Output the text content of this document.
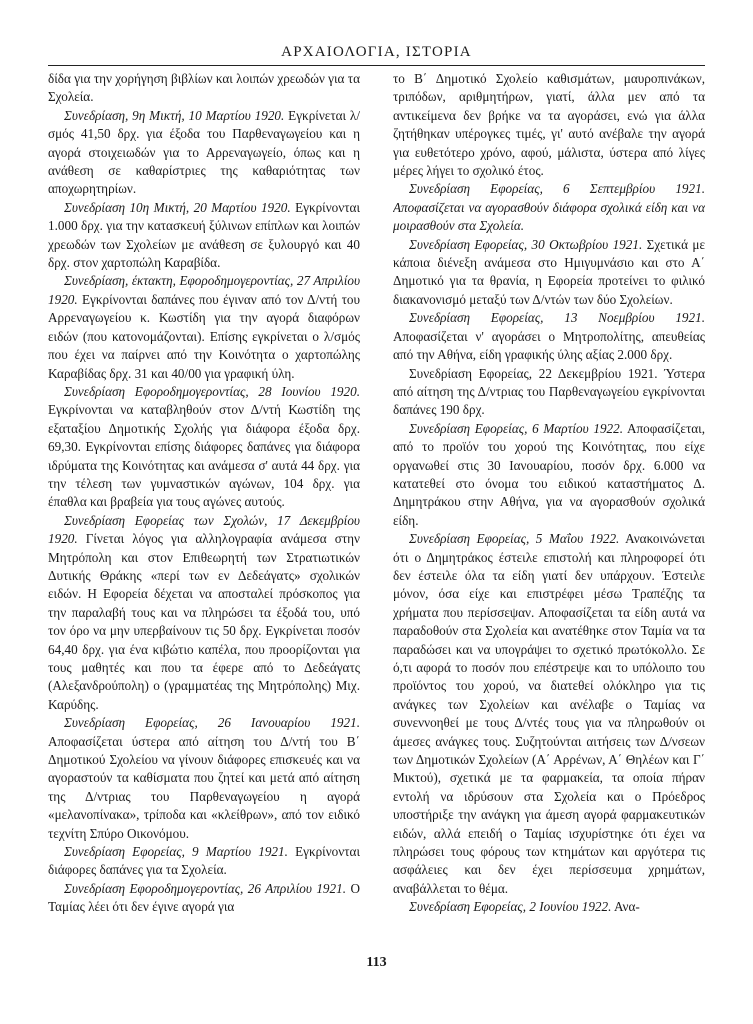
ΑΡΧΑΙΟΛΟΓΙΑ, ΙΣΤΟΡΙΑ

δίδα για την χορήγηση βιβλίων και λοιπών χρεωδών για τα Σχολεία.

Συνεδρίαση, 9η Μικτή, 10 Μαρτίου 1920. Εγκρίνεται λ/σμός 41,50 δρχ. για έξοδα του Παρθεναγωγείου και η αγορά στοιχειωδών για το Αρρεναγωγείο, όπως και η ανάθεση σε καθαρίστριες της καθαριότητας των αποχωρητηρίων.

Συνεδρίαση 10η Μικτή, 20 Μαρτίου 1920. Εγκρίνονται 1.000 δρχ. για την κατασκευή ξύλινων επίπλων και λοιπών χρεωδών των Σχολείων με ανάθεση σε ξυλουργό και 40 δρχ. στον χαρτοπώλη Καραβίδα.

Συνεδρίαση, έκτακτη, Εφοροδημογεροντίας, 27 Απριλίου 1920. Εγκρίνονται δαπάνες που έγιναν από τον Δ/ντή του Αρρεναγωγείου κ. Κωστίδη για την αγορά διαφόρων ειδών (που κατονομάζονται). Επίσης εγκρίνεται ο λ/σμός που έχει να παίρνει από την Κοινότητα ο χαρτοπώλης Καραβίδας δρχ. 31 και 40/00 για γραφική ύλη.

Συνεδρίαση Εφοροδημογεροντίας, 28 Ιουνίου 1920. Εγκρίνονται να καταβληθούν στον Δ/ντή Κωστίδη της εξαταξίου Δημοτικής Σχολής για διάφορα έξοδα δρχ. 69,30. Εγκρίνονται επίσης διάφορες δαπάνες για διάφορα ιδρύματα της Κοινότητας και ανάμεσα σ' αυτά 44 δρχ. για την τέλεση των γυμναστικών αγώνων, 104 δρχ. για έπαθλα και βραβεία για τους αγώνες αυτούς.

Συνεδρίαση Εφορείας των Σχολών, 17 Δεκεμβρίου 1920. Γίνεται λόγος για αλληλογραφία ανάμεσα στην Μητρόπολη και στον Επιθεωρητή των Στρατιωτικών Δυτικής Θράκης «περί των εν Δεδεάγατς» σχολικών ειδών. Η Εφορεία δέχεται να αποσταλεί πρόσκοπος για την παραλαβή τους και να πληρώσει τα έξοδά του, υπό τον όρο να μην υπερβαίνουν τις 50 δρχ. Εγκρίνεται ποσόν 64,40 δρχ. για ένα κιβώτιο καπέλα, που προορίζονται για τους μαθητές και που τα έφερε από το Δεδεάγατς (Αλεξανδρούπολη) ο (γραμματέας της Μητρόπολης) Μιχ. Καρύδης.

Συνεδρίαση Εφορείας, 26 Ιανουαρίου 1921. Αποφασίζεται ύστερα από αίτηση του Δ/ντή του Β΄ Δημοτικού Σχολείου να γίνουν διάφορες επισκευές και να αγοραστούν τα καθίσματα που ζητεί και μετά από αίτηση της Δ/ντριας του Παρθεναγωγείου η αγορά «μελανοπίνακα», τρίποδα και «κλείθρων», από τον ειδικό τεχνίτη Σπύρο Οικονόμου.

Συνεδρίαση Εφορείας, 9 Μαρτίου 1921. Εγκρίνονται διάφορες δαπάνες για τα Σχολεία.

Συνεδρίαση Εφοροδημογεροντίας, 26 Απριλίου 1921. Ο Ταμίας λέει ότι δεν έγινε αγορά για

το Β΄ Δημοτικό Σχολείο καθισμάτων, μαυροπινάκων, τριπόδων, αριθμητήρων, γιατί, άλλα μεν από τα αντικείμενα δεν βρήκε να τα αγοράσει, ενώ για άλλα ζητήθηκαν υπέρογκες τιμές, γι' αυτό ανέβαλε την αγορά για ευθετότερο χρόνο, αφού, μάλιστα, ύστερα από λίγες μέρες λήγει το σχολικό έτος.

Συνεδρίαση Εφορείας, 6 Σεπτεμβρίου 1921. Αποφασίζεται να αγορασθούν διάφορα σχολικά είδη και να μοιρασθούν στα Σχολεία.

Συνεδρίαση Εφορείας, 30 Οκτωβρίου 1921. Σχετικά με κάποια διένεξη ανάμεσα στο Ημιγυμνάσιο και στο Α΄ Δημοτικό για τα θρανία, η Εφορεία προτείνει το φιλικό διακανονισμό μεταξύ των Δ/ντών των δύο Σχολείων.

Συνεδρίαση Εφορείας, 13 Νοεμβρίου 1921. Αποφασίζεται ν' αγοράσει ο Μητροπολίτης, απευθείας από την Αθήνα, είδη γραφικής ύλης αξίας 2.000 δρχ.

Συνεδρίαση Εφορείας, 22 Δεκεμβρίου 1921. Ύστερα από αίτηση της Δ/ντριας του Παρθεναγωγείου εγκρίνονται δαπάνες 190 δρχ.

Συνεδρίαση Εφορείας, 6 Μαρτίου 1922. Αποφασίζεται, από το προϊόν του χορού της Κοινότητας, που είχε οργανωθεί στις 30 Ιανουαρίου, ποσόν δρχ. 6.000 να κατατεθεί στο όνομα του ειδικού καταστήματος Δ. Δημητράκου στην Αθήνα, για να αγορασθούν σχολικά είδη.

Συνεδρίαση Εφορείας, 5 Μαΐου 1922. Ανακοινώνεται ότι ο Δημητράκος έστειλε επιστολή και πληροφορεί ότι δεν έστειλε όλα τα είδη γιατί δεν υπάρχουν. Έστειλε μόνον, όσα είχε και επιστρέφει μέσω Τραπέζης τα χρήματα που περίσσεψαν. Αποφασίζεται τα είδη αυτά να παραδοθούν στα Σχολεία και ανατέθηκε στον Ταμία να τα παραδώσει και να υπογράψει το σχετικό πρωτόκολλο. Σε ό,τι αφορά το ποσόν που επέστρεψε και το υπόλοιπο του προϊόντος του χορού, να διατεθεί ολόκληρο για τις ανάγκες των Σχολείων και ανέλαβε ο Ταμίας να συνεννοηθεί με τους Δ/ντές τους για να πληρωθούν οι άμεσες ανάγκες τους. Συζητούνται αιτήσεις των Δ/νσεων των Δημοτικών Σχολείων (Α΄ Αρρένων, Α΄ Θηλέων και Γ΄ Μικτού), σχετικά με τα φαρμακεία, τα οποία πήραν εντολή να ιδρύσουν στα Σχολεία και ο Πρόεδρος υποστήριξε την ανάγκη για άμεση αγορά φαρμακευτικών ειδών, αλλά επειδή ο Ταμίας ισχυρίστηκε ότι έχει να πληρώσει τους φόρους των κτημάτων και αργότερα τις ασφάλειες και δεν έχει περίσσευμα χρημάτων, αναβάλλεται το θέμα.

Συνεδρίαση Εφορείας, 2 Ιουνίου 1922. Ανα-

113
